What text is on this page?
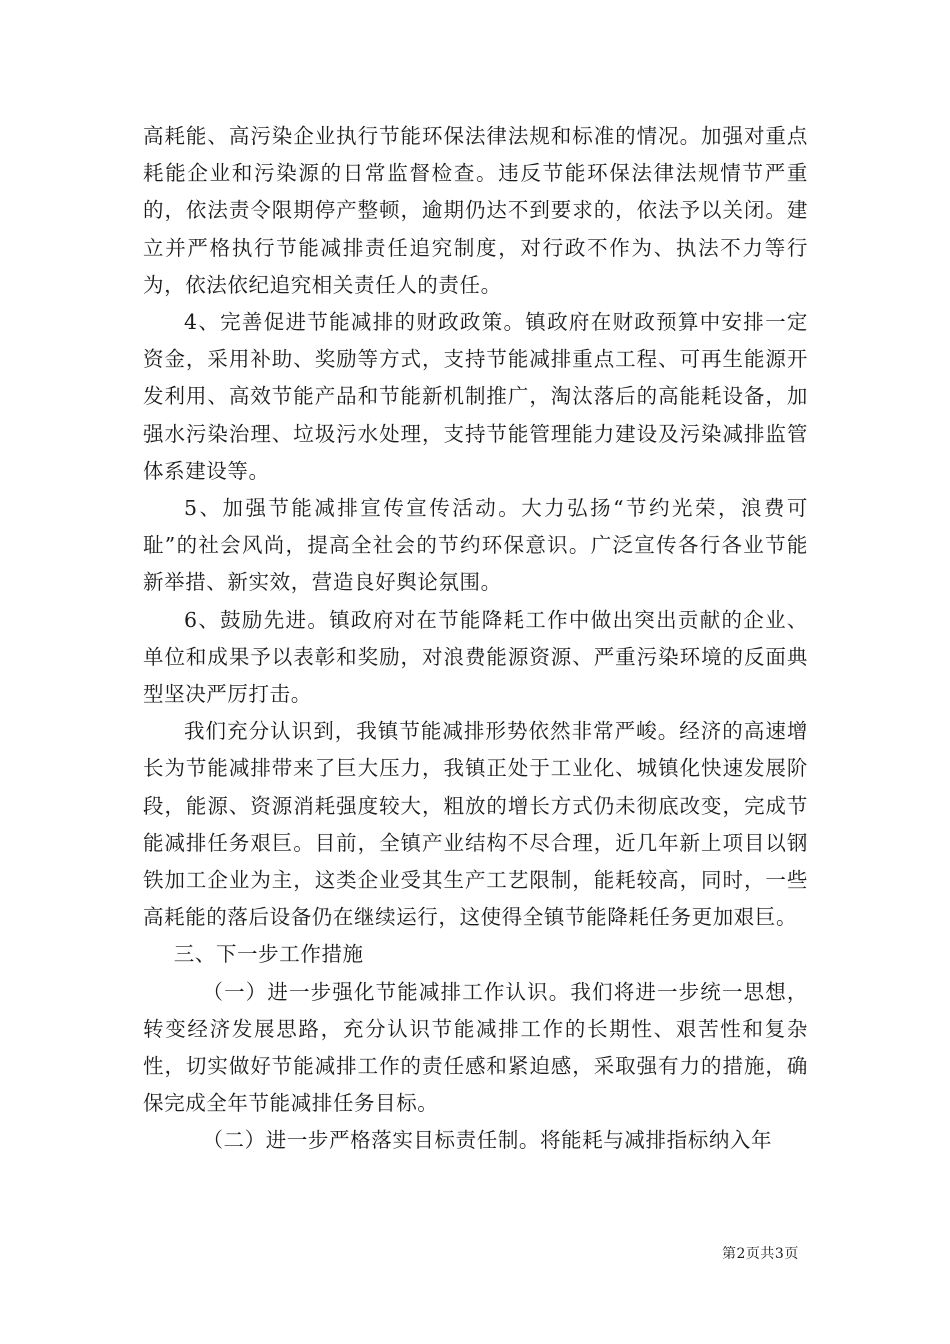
高耗能、高污染企业执行节能环保法律法规和标准的情况。加强对重点耗能企业和污染源的日常监督检查。违反节能环保法律法规情节严重的，依法责令限期停产整顿，逾期仍达不到要求的，依法予以关闭。建立并严格执行节能减排责任追究制度，对行政不作为、执法不力等行为，依法依纪追究相关责任人的责任。

4、完善促进节能减排的财政政策。镇政府在财政预算中安排一定资金，采用补助、奖励等方式，支持节能减排重点工程、可再生能源开发利用、高效节能产品和节能新机制推广，淘汰落后的高能耗设备，加强水污染治理、垃圾污水处理，支持节能管理能力建设及污染减排监管体系建设等。

5、加强节能减排宣传宣传活动。大力弘扬“节约光荣，浪费可耻”的社会风尚，提高全社会的节约环保意识。广泛宣传各行各业节能新举措、新实效，营造良好舆论氛围。

6、鼓励先进。镇政府对在节能降耗工作中做出突出贡献的企业、单位和成果予以表彰和奖励，对浪费能源资源、严重污染环境的反面典型坚决严厉打击。

我们充分认识到，我镇节能减排形势依然非常严峻。经济的高速增长为节能减排带来了巨大压力，我镇正处于工业化、城镇化快速发展阶段，能源、资源消耗强度较大，粗放的增长方式仍未彻底改变，完成节能减排任务艰巨。目前，全镇产业结构不尽合理，近几年新上项目以钢铁加工企业为主，这类企业受其生产工艺限制，能耗较高，同时，一些高耗能的落后设备仍在继续运行，这使得全镇节能降耗任务更加艰巨。

三、下一步工作措施

（一）进一步强化节能减排工作认识。我们将进一步统一思想，转变经济发展思路，充分认识节能减排工作的长期性、艰苦性和复杂性，切实做好节能减排工作的责任感和紧迫感，采取强有力的措施，确保完成全年节能减排任务目标。

（二）进一步严格落实目标责任制。将能耗与减排指标纳入年

第2页共3页
